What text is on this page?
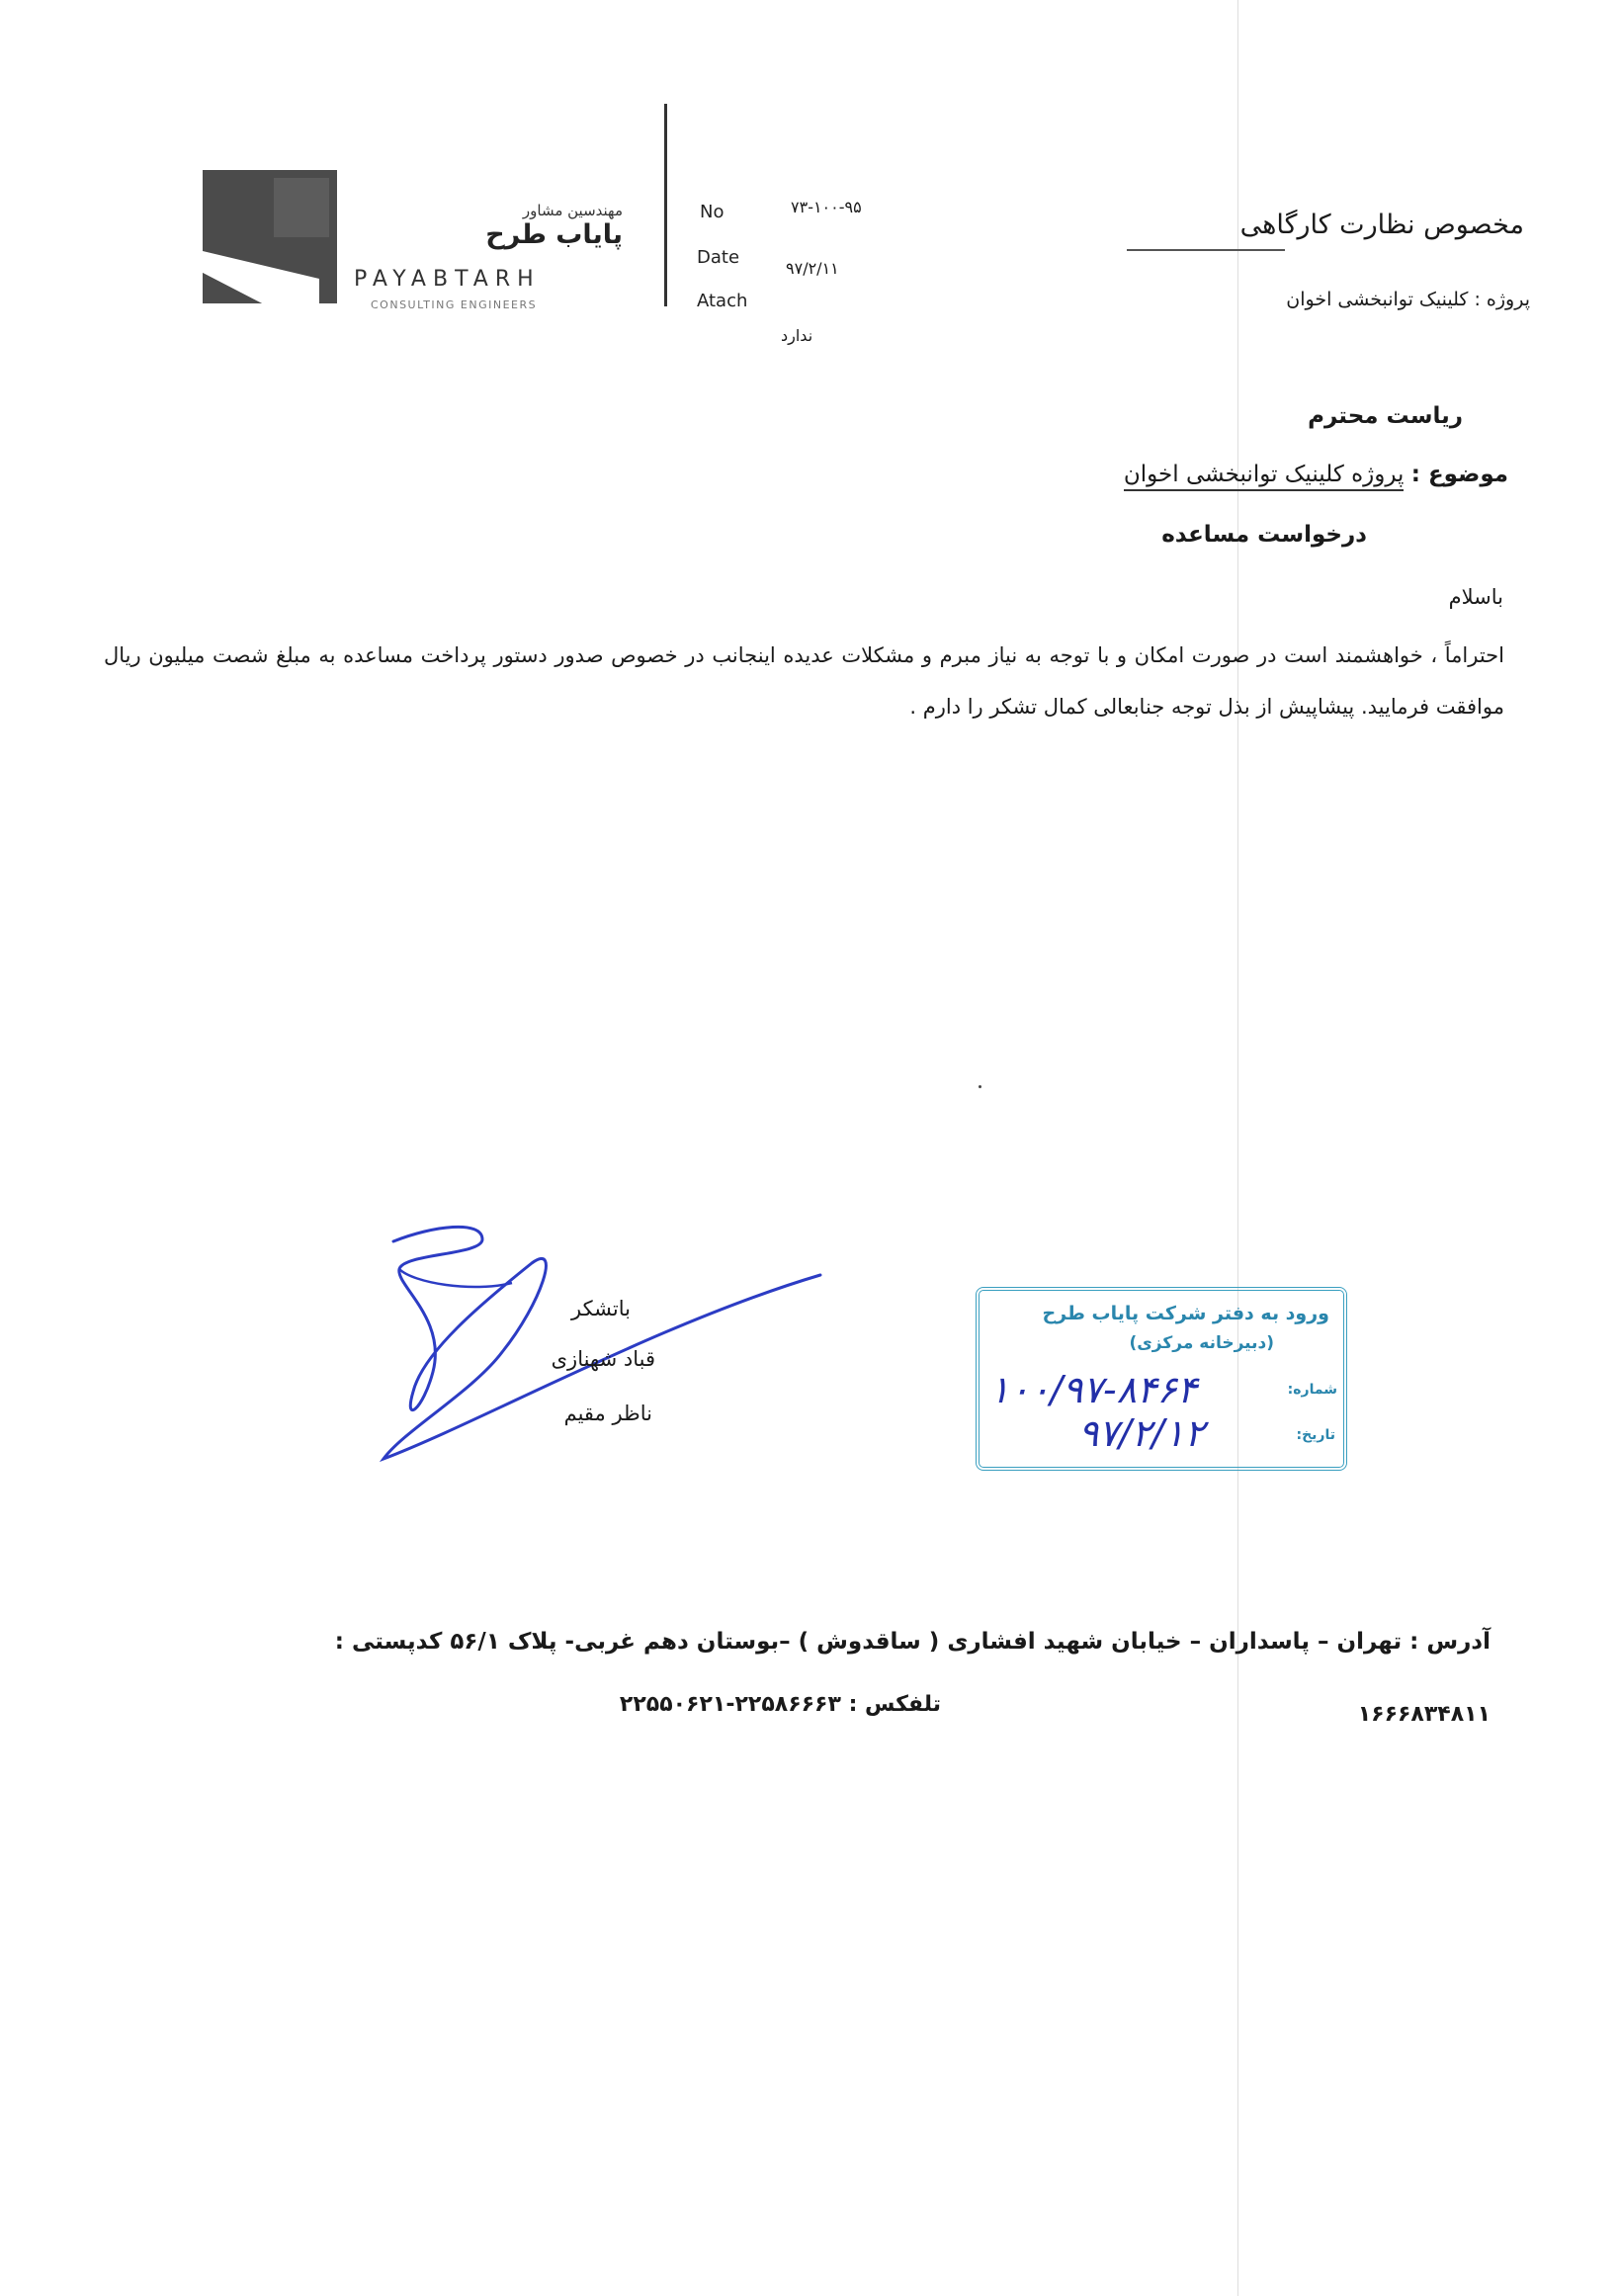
مهندسین مشاور
پایاب طرح
PAYABTARH
CONSULTING ENGINEERS
No	۷۳-۱۰۰-۹۵
Date
۹۷/۲/۱۱
Atach
ندارد
مخصوص نظارت کارگاهی
پروژه : کلینیک توانبخشی اخوان
ریاست محترم
موضوع : پروژه کلینیک توانبخشی اخوان
درخواست مساعده
باسلام
احتراماً ، خواهشمند است در صورت امکان و با توجه به نیاز مبرم و مشکلات عدیده اینجانب در خصوص صدور دستور پرداخت مساعده به مبلغ شصت میلیون ریال موافقت فرمایید. پیشاپیش از بذل توجه جنابعالی کمال تشکر را دارم .
باتشکر
قباد شهنازی
ناظر مقیم
ورود به دفتر شرکت پایاب طرح
(دبیرخانه مرکزی)
شماره:
۱۰۰/۹۷-۸۴۶۴
تاریخ:
۹۷/۲/۱۲
آدرس : تهران – پاسداران – خیابان شهید افشاری ( ساقدوش ) –بوستان دهم غربی- پلاک ۵۶/۱ کدپستی :
۱۶۶۶۸۳۴۸۱۱
تلفکس : ۲۲۵۸۶۶۶۳-۲۲۵۵۰۶۲۱
